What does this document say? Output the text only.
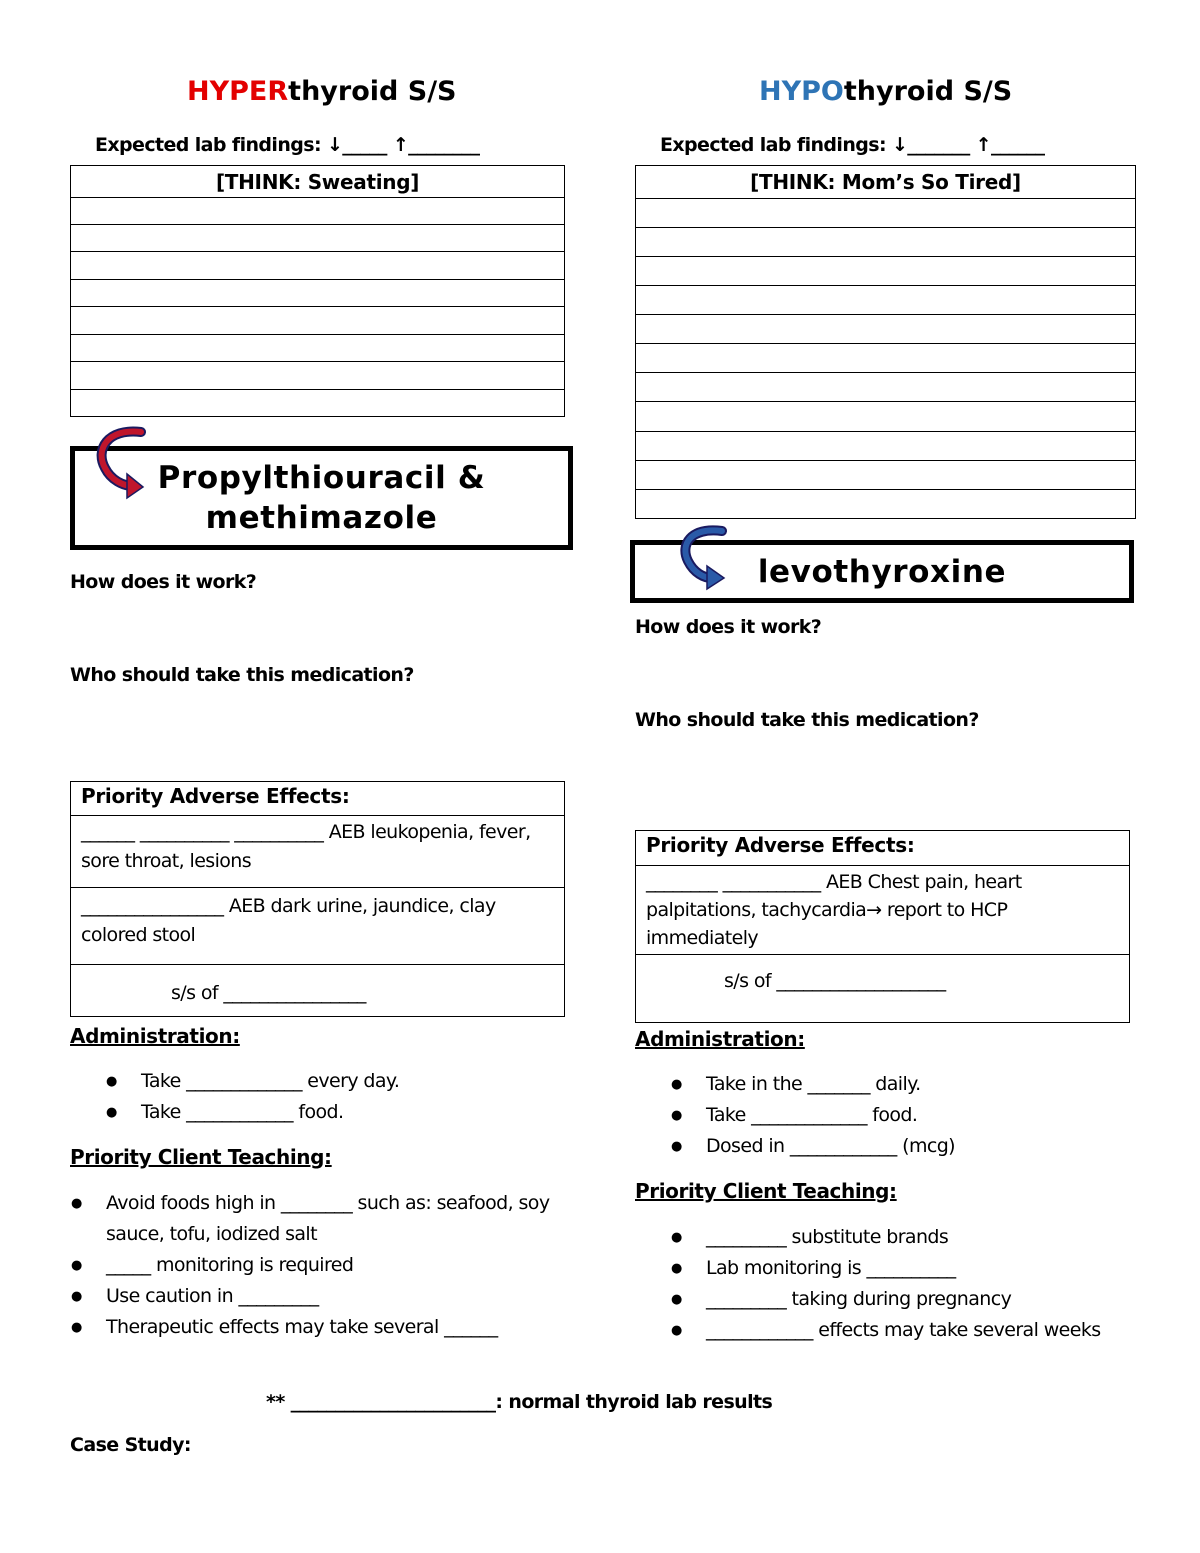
HYPERthyroid S/S
Expected lab findings: ↓_____ ↑________
[THINK: Sweating]

Propylthiouracil & methimazole
How does it work?
Who should take this medication?
Priority Adverse Effects:
______ __________ __________ AEB leukopenia, fever, sore throat, lesions
________________ AEB dark urine, jaundice, clay colored stool
s/s of ________________
Administration:
● Take _____________ every day.
● Take ____________ food.
Priority Client Teaching:
● Avoid foods high in ________ such as: seafood, soy sauce, tofu, iodized salt
● _____ monitoring is required
● Use caution in _________
● Therapeutic effects may take several ______
HYPOthyroid S/S
Expected lab findings: ↓_______ ↑______
[THINK: Mom’s So Tired]

levothyroxine
How does it work?
Who should take this medication?
Priority Adverse Effects:
________ ___________ AEB Chest pain, heart palpitations, tachycardia→ report to HCP immediately
s/s of ___________________
Administration:
● Take in the _______ daily.
● Take _____________ food.
● Dosed in ____________ (mcg)
Priority Client Teaching:
● _________ substitute brands
● Lab monitoring is __________
● _________ taking during pregnancy
● ____________ effects may take several weeks
** _______________________: normal thyroid lab results
Case Study:
